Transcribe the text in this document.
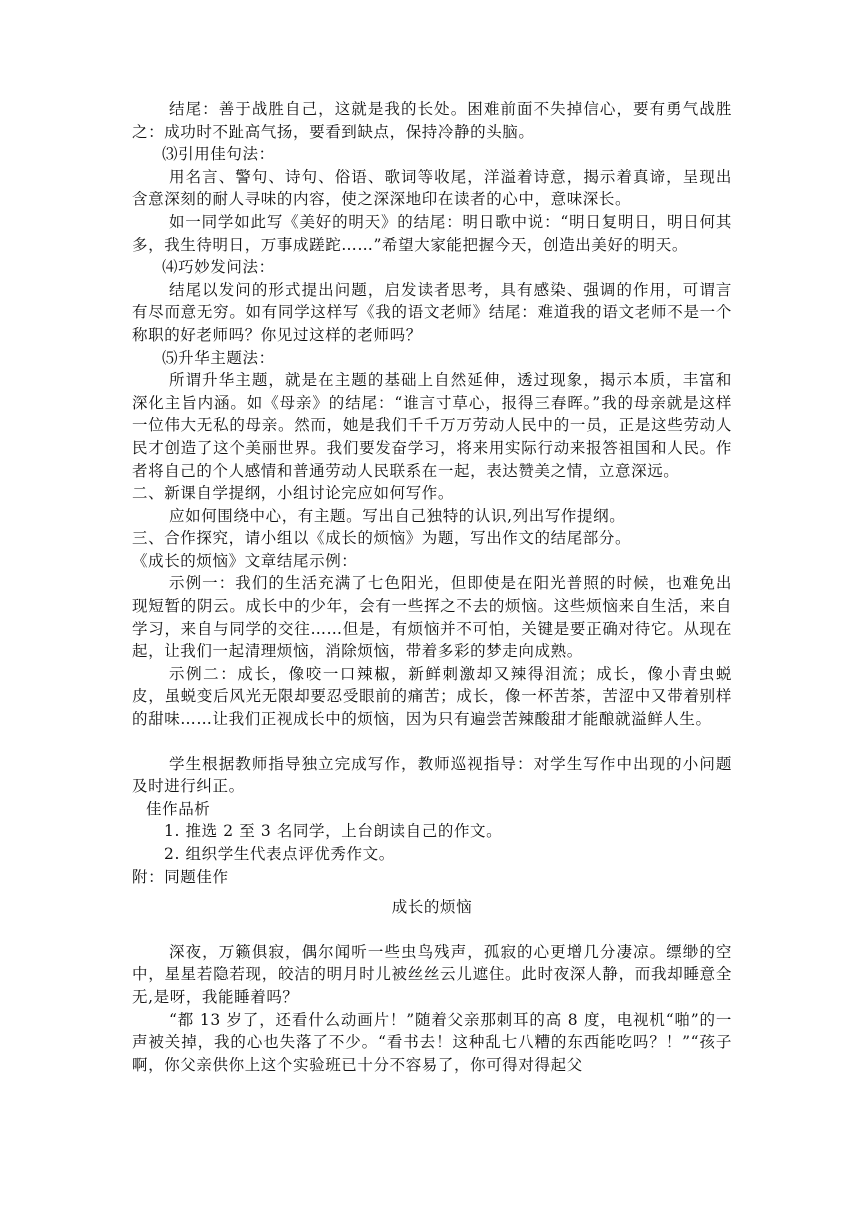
结尾：善于战胜自己，这就是我的长处。困难前面不失掉信心，要有勇气战胜之：成功时不趾高气扬，要看到缺点，保持冷静的头脑。

⑶引用佳句法：

用名言、警句、诗句、俗语、歌词等收尾，洋溢着诗意，揭示着真谛，呈现出含意深刻的耐人寻味的内容，使之深深地印在读者的心中，意味深长。

如一同学如此写《美好的明天》的结尾：明日歌中说：“明日复明日，明日何其多，我生待明日，万事成蹉跎……”希望大家能把握今天，创造出美好的明天。

⑷巧妙发问法：

结尾以发问的形式提出问题，启发读者思考，具有感染、强调的作用，可谓言有尽而意无穷。如有同学这样写《我的语文老师》结尾：难道我的语文老师不是一个称职的好老师吗？你见过这样的老师吗？

⑸升华主题法：

所谓升华主题，就是在主题的基础上自然延伸，透过现象，揭示本质，丰富和深化主旨内涵。如《母亲》的结尾：“谁言寸草心，报得三春晖。”我的母亲就是这样一位伟大无私的母亲。然而，她是我们千千万万劳动人民中的一员，正是这些劳动人民才创造了这个美丽世界。我们要发奋学习，将来用实际行动来报答祖国和人民。作者将自己的个人感情和普通劳动人民联系在一起，表达赞美之情，立意深远。

二、新课自学提纲，小组讨论完应如何写作。

应如何围绕中心，有主题。写出自己独特的认识,列出写作提纲。

三、合作探究，请小组以《成长的烦恼》为题，写出作文的结尾部分。

《成长的烦恼》文章结尾示例：

示例一：我们的生活充满了七色阳光，但即使是在阳光普照的时候，也难免出现短暂的阴云。成长中的少年，会有一些挥之不去的烦恼。这些烦恼来自生活，来自学习，来自与同学的交往……但是，有烦恼并不可怕，关键是要正确对待它。从现在起，让我们一起清理烦恼，消除烦恼，带着多彩的梦走向成熟。

示例二：成长，像咬一口辣椒，新鲜刺激却又辣得泪流；成长，像小青虫蜕皮，虽蜕变后风光无限却要忍受眼前的痛苦；成长，像一杯苦茶，苦涩中又带着别样的甜味……让我们正视成长中的烦恼，因为只有遍尝苦辣酸甜才能酿就溢鲜人生。

学生根据教师指导独立完成写作，教师巡视指导：对学生写作中出现的小问题及时进行纠正。

佳作品析

1. 推选 2 至 3 名同学，上台朗读自己的作文。

2. 组织学生代表点评优秀作文。

附：同题佳作

成长的烦恼

深夜，万籁俱寂，偶尔闻听一些虫鸟残声，孤寂的心更增几分凄凉。缥缈的空中，星星若隐若现，皎洁的明月时儿被丝丝云儿遮住。此时夜深人静，而我却睡意全无,是呀，我能睡着吗？

“都 13 岁了，还看什么动画片！”随着父亲那刺耳的高 8 度，电视机“啪”的一声被关掉，我的心也失落了不少。“看书去！这种乱七八糟的东西能吃吗？！”“孩子啊，你父亲供你上这个实验班已十分不容易了，你可得对得起父
